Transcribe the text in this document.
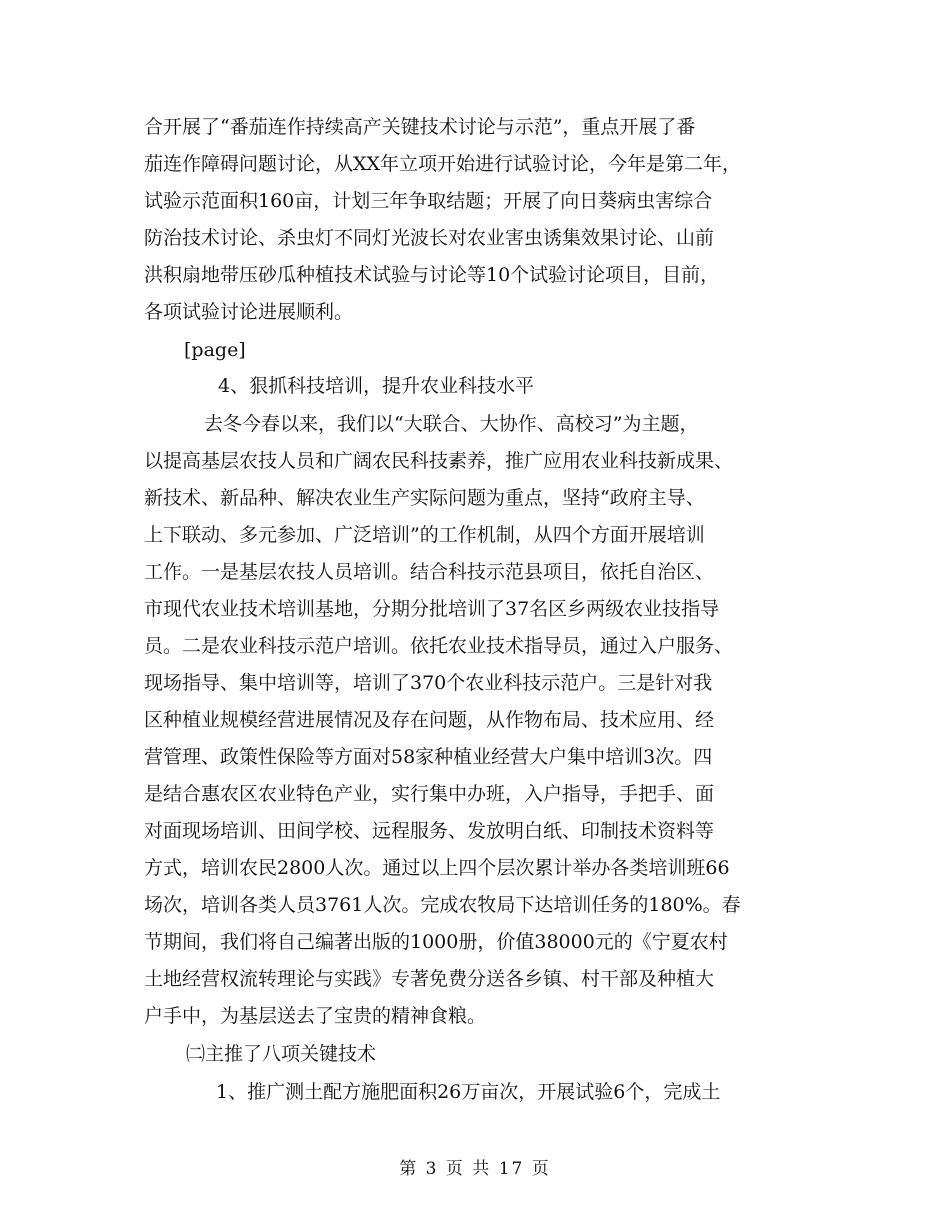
合开展了“番茄连作持续高产关键技术讨论与示范”，重点开展了番
茄连作障碍问题讨论，从XX年立项开始进行试验讨论，今年是第二年，
试验示范面积160亩，计划三年争取结题；开展了向日葵病虫害综合
防治技术讨论、杀虫灯不同灯光波长对农业害虫诱集效果讨论、山前
洪积扇地带压砂瓜种植技术试验与讨论等10个试验讨论项目，目前，
各项试验讨论进展顺利。
[page]
4、狠抓科技培训，提升农业科技水平
去冬今春以来，我们以“大联合、大协作、高校习”为主题，
以提高基层农技人员和广阔农民科技素养，推广应用农业科技新成果、
新技术、新品种、解决农业生产实际问题为重点，坚持“政府主导、
上下联动、多元参加、广泛培训”的工作机制，从四个方面开展培训
工作。一是基层农技人员培训。结合科技示范县项目，依托自治区、
市现代农业技术培训基地，分期分批培训了37名区乡两级农业技指导
员。二是农业科技示范户培训。依托农业技术指导员，通过入户服务、
现场指导、集中培训等，培训了370个农业科技示范户。三是针对我
区种植业规模经营进展情况及存在问题，从作物布局、技术应用、经
营管理、政策性保险等方面对58家种植业经营大户集中培训3次。四
是结合惠农区农业特色产业，实行集中办班，入户指导，手把手、面
对面现场培训、田间学校、远程服务、发放明白纸、印制技术资料等
方式，培训农民2800人次。通过以上四个层次累计举办各类培训班66
场次，培训各类人员3761人次。完成农牧局下达培训任务的180%。春
节期间，我们将自己编著出版的1000册，价值38000元的《宁夏农村
土地经营权流转理论与实践》专著免费分送各乡镇、村干部及种植大
户手中，为基层送去了宝贵的精神食粮。
㈡主推了八项关键技术
1、推广测土配方施肥面积26万亩次，开展试验6个，完成土
第 3 页 共 17 页
